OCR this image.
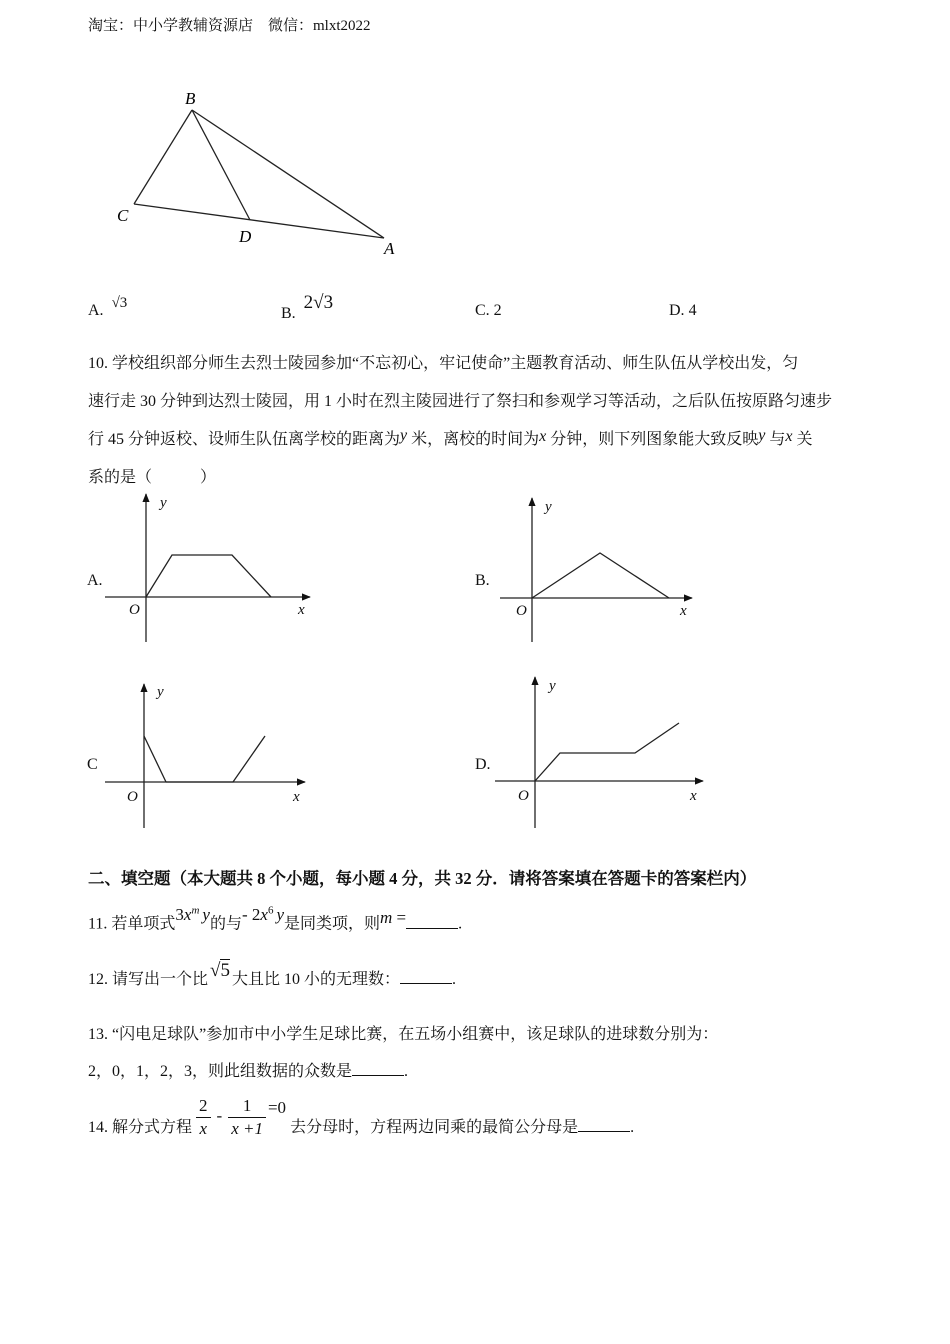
淘宝：中小学教辅资源店　微信：mlxt2022
B
C
D
A
A. √3
B. 2√3	C. 2	D. 4
10. 学校组织部分师生去烈士陵园参加“不忘初心，牢记使命”主题教育活动、师生队伍从学校出发，匀
速行走 30 分钟到达烈士陵园，用 1 小时在烈主陵园进行了祭扫和参观学习等活动，之后队伍按原路匀速步
行 45 分钟返校、设师生队伍离学校的距离为y 米，离校的时间为x 分钟，则下列图象能大致反映y 与x 关
系的是（　　　）
y
x
O
y
x
O
y
x
O
y
x
O
A.	B.
C	D.
二、填空题（本大题共 8 个小题，每小题 4 分，共 32 分．请将答案填在答题卡的答案栏内）
11. 若单项式$3x^m$ y的与- $2x^6$ y是同类项，则m =	.
12. 请写出一个比 √5 大且比 10 小的无理数：	.
13. “闪电足球队”参加市中小学生足球比赛，在五场小组赛中，该足球队的进球数分别为：
2，0，1，2，3，则此组数据的众数是	.
14. 解分式方程 $\frac{2}{x} - \frac{1}{x +1} =0$ 去分母时，方程两边同乘的最简公分母是	.
